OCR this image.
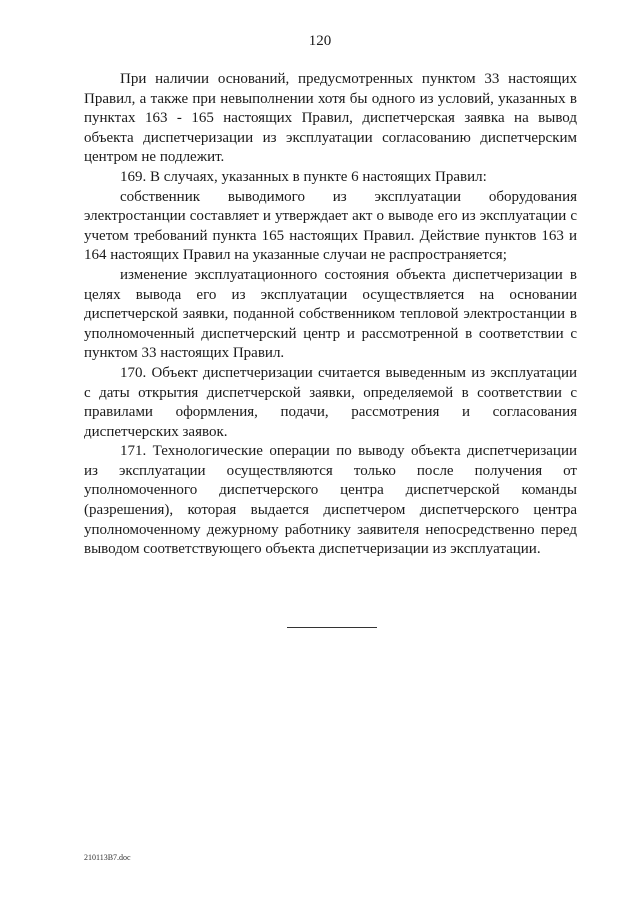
120

При наличии оснований, предусмотренных пунктом 33 настоящих Правил, а также при невыполнении хотя бы одного из условий, указанных в пунктах 163 - 165 настоящих Правил, диспетчерская заявка на вывод объекта диспетчеризации из эксплуатации согласованию диспетчерским центром не подлежит.

169. В случаях, указанных в пункте 6 настоящих Правил:

собственник выводимого из эксплуатации оборудования электростанции составляет и утверждает акт о выводе его из эксплуатации с учетом требований пункта 165 настоящих Правил. Действие пунктов 163 и 164 настоящих Правил на указанные случаи не распространяется;

изменение эксплуатационного состояния объекта диспетчеризации в целях вывода его из эксплуатации осуществляется на основании диспетчерской заявки, поданной собственником тепловой электростанции в уполномоченный диспетчерский центр и рассмотренной в соответствии с пунктом 33 настоящих Правил.

170. Объект диспетчеризации считается выведенным из эксплуатации с даты открытия диспетчерской заявки, определяемой в соответствии с правилами оформления, подачи, рассмотрения и согласования диспетчерских заявок.

171. Технологические операции по выводу объекта диспетчеризации из эксплуатации осуществляются только после получения от уполномоченного диспетчерского центра диспетчерской команды (разрешения), которая выдается диспетчером диспетчерского центра уполномоченному дежурному работнику заявителя непосредственно перед выводом соответствующего объекта диспетчеризации из эксплуатации.

210113B7.doc
